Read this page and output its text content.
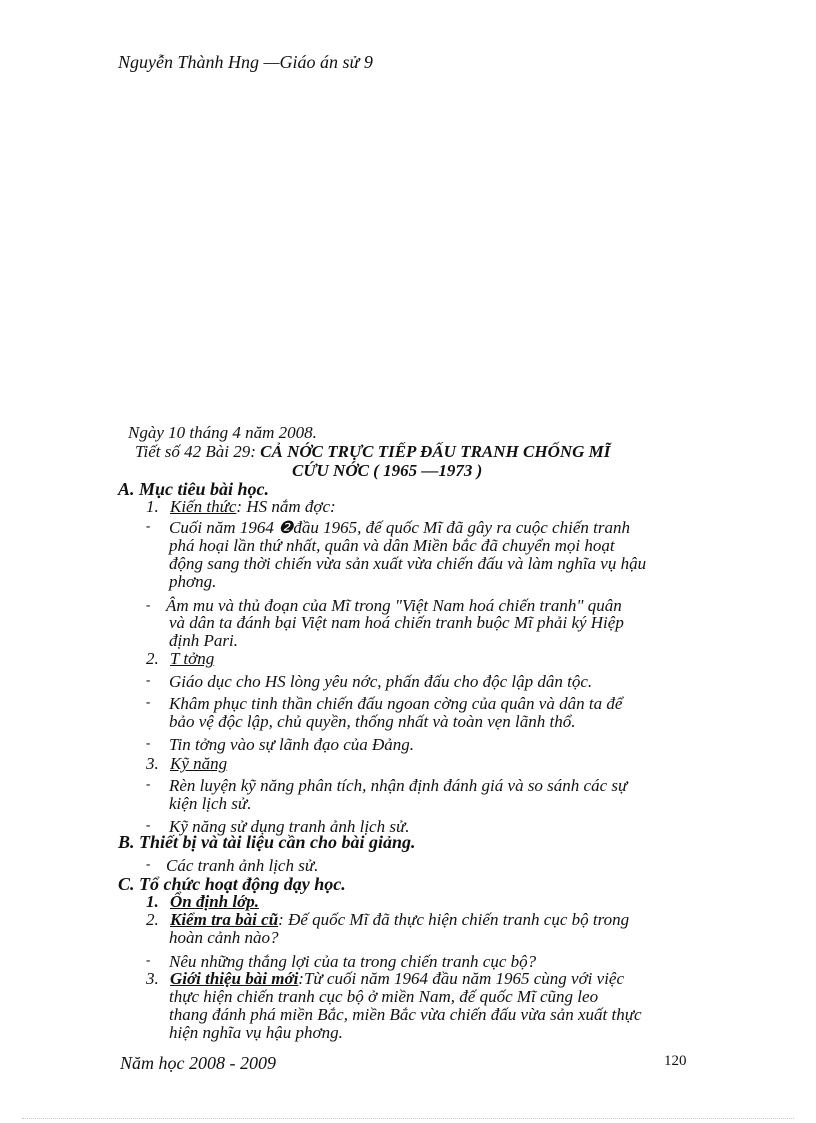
Nguyễn Thành Hng —Giáo án sử 9
Ngày 10 tháng 4 năm 2008.
Tiết số 42 Bài 29: CẢ NỚC TRỰC TIẾP ĐẤU TRANH CHỐNG MĨ
CỨU NỚC ( 1965 —1973 )
A. Mục tiêu bài học.
1. Kiến thức: HS nắm đợc:
- Cuối năm 1964 ❷đầu 1965, đế quốc Mĩ đã gây ra cuộc chiến tranh
phá hoại lần thứ nhất, quân và dân Miền bắc đã chuyển mọi hoạt
động sang thời chiến vừa sản xuất vừa chiến đấu và làm nghĩa vụ hậu
phơng.
- Âm mu và thủ đoạn của Mĩ trong "Việt Nam hoá chiến tranh" quân
và dân ta đánh bại Việt nam hoá chiến tranh buộc Mĩ phải ký Hiệp
định Pari.
2. T tởng
- Giáo dục cho HS lòng yêu nớc, phấn đấu cho độc lập dân tộc.
- Khâm phục tinh thần chiến đấu ngoan cờng của quân và dân ta để
bảo vệ độc lập, chủ quyền, thống nhất và toàn vẹn lãnh thổ.
- Tin tởng vào sự lãnh đạo của Đảng.
3. Kỹ năng
- Rèn luyện kỹ năng phân tích, nhận định đánh giá và so sánh các sự
kiện lịch sử.
- Kỹ năng sử dụng tranh ảnh lịch sử.
B. Thiết bị và tài liệu cần cho bài giảng.
- Các tranh ảnh lịch sử.
C. Tổ chức hoạt động dạy học.
1. Ổn định lớp.
2. Kiểm tra bài cũ: Đế quốc Mĩ đã thực hiện chiến tranh cục bộ trong
hoàn cảnh nào?
- Nêu những thắng lợi của ta trong chiến tranh cục bộ?
3. Giới thiệu bài mới:Từ cuối năm 1964 đầu năm 1965 cùng với việc
thực hiện chiến tranh cục bộ ở miền Nam, đế quốc Mĩ cũng leo
thang đánh phá miền Bắc, miền Bắc vừa chiến đấu vừa sản xuất thực
hiện nghĩa vụ hậu phơng.
Năm học 2008 - 2009	120
